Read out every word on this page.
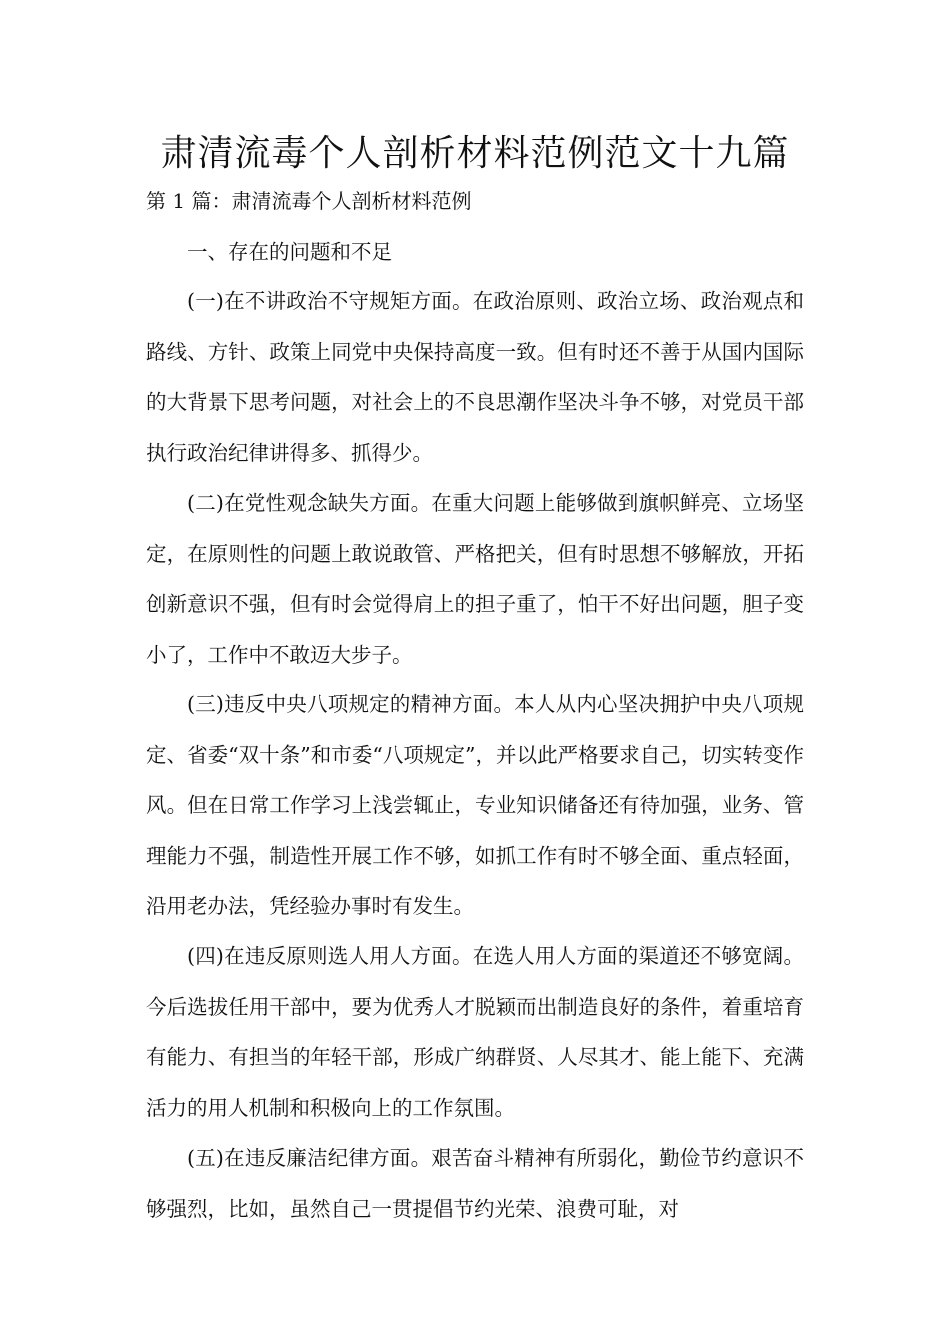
肃清流毒个人剖析材料范例范文十九篇

第 1 篇：肃清流毒个人剖析材料范例

一、存在的问题和不足

(一)在不讲政治不守规矩方面。在政治原则、政治立场、政治观点和路线、方针、政策上同党中央保持高度一致。但有时还不善于从国内国际的大背景下思考问题，对社会上的不良思潮作坚决斗争不够，对党员干部执行政治纪律讲得多、抓得少。

(二)在党性观念缺失方面。在重大问题上能够做到旗帜鲜亮、立场坚定，在原则性的问题上敢说敢管、严格把关，但有时思想不够解放，开拓创新意识不强，但有时会觉得肩上的担子重了，怕干不好出问题，胆子变小了，工作中不敢迈大步子。

(三)违反中央八项规定的精神方面。本人从内心坚决拥护中央八项规定、省委“双十条”和市委“八项规定”，并以此严格要求自己，切实转变作风。但在日常工作学习上浅尝辄止，专业知识储备还有待加强，业务、管理能力不强，制造性开展工作不够，如抓工作有时不够全面、重点轻面，沿用老办法，凭经验办事时有发生。

(四)在违反原则选人用人方面。在选人用人方面的渠道还不够宽阔。今后选拔任用干部中，要为优秀人才脱颖而出制造良好的条件，着重培育有能力、有担当的年轻干部，形成广纳群贤、人尽其才、能上能下、充满活力的用人机制和积极向上的工作氛围。

(五)在违反廉洁纪律方面。艰苦奋斗精神有所弱化，勤俭节约意识不够强烈，比如，虽然自己一贯提倡节约光荣、浪费可耻，对
